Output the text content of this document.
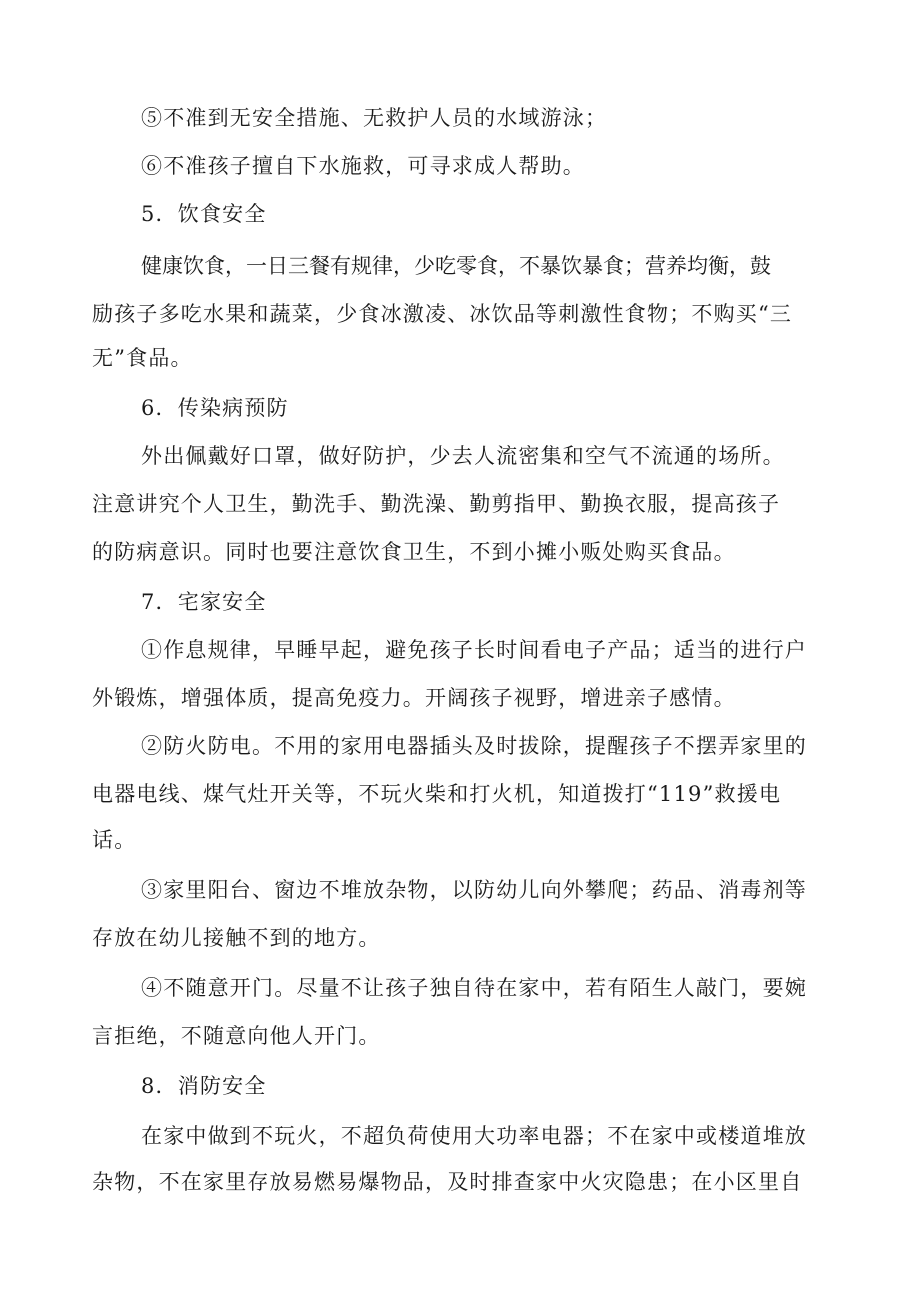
⑤不准到无安全措施、无救护人员的水域游泳；

⑥不准孩子擅自下水施救，可寻求成人帮助。

5．饮食安全

健康饮食，一日三餐有规律，少吃零食，不暴饮暴食；营养均衡，鼓

励孩子多吃水果和蔬菜，少食冰激凌、冰饮品等刺激性食物；不购买“三

无”食品。

6．传染病预防

外出佩戴好口罩，做好防护，少去人流密集和空气不流通的场所。

注意讲究个人卫生，勤洗手、勤洗澡、勤剪指甲、勤换衣服，提高孩子

的防病意识。同时也要注意饮食卫生，不到小摊小贩处购买食品。

7．宅家安全

①作息规律，早睡早起，避免孩子长时间看电子产品；适当的进行户

外锻炼，增强体质，提高免疫力。开阔孩子视野，增进亲子感情。

②防火防电。不用的家用电器插头及时拔除，提醒孩子不摆弄家里的

电器电线、煤气灶开关等，不玩火柴和打火机，知道拨打“119”救援电

话。

③家里阳台、窗边不堆放杂物，以防幼儿向外攀爬；药品、消毒剂等

存放在幼儿接触不到的地方。

④不随意开门。尽量不让孩子独自待在家中，若有陌生人敲门，要婉

言拒绝，不随意向他人开门。

8．消防安全

在家中做到不玩火，不超负荷使用大功率电器；不在家中或楼道堆放

杂物，不在家里存放易燃易爆物品，及时排查家中火灾隐患；在小区里自
